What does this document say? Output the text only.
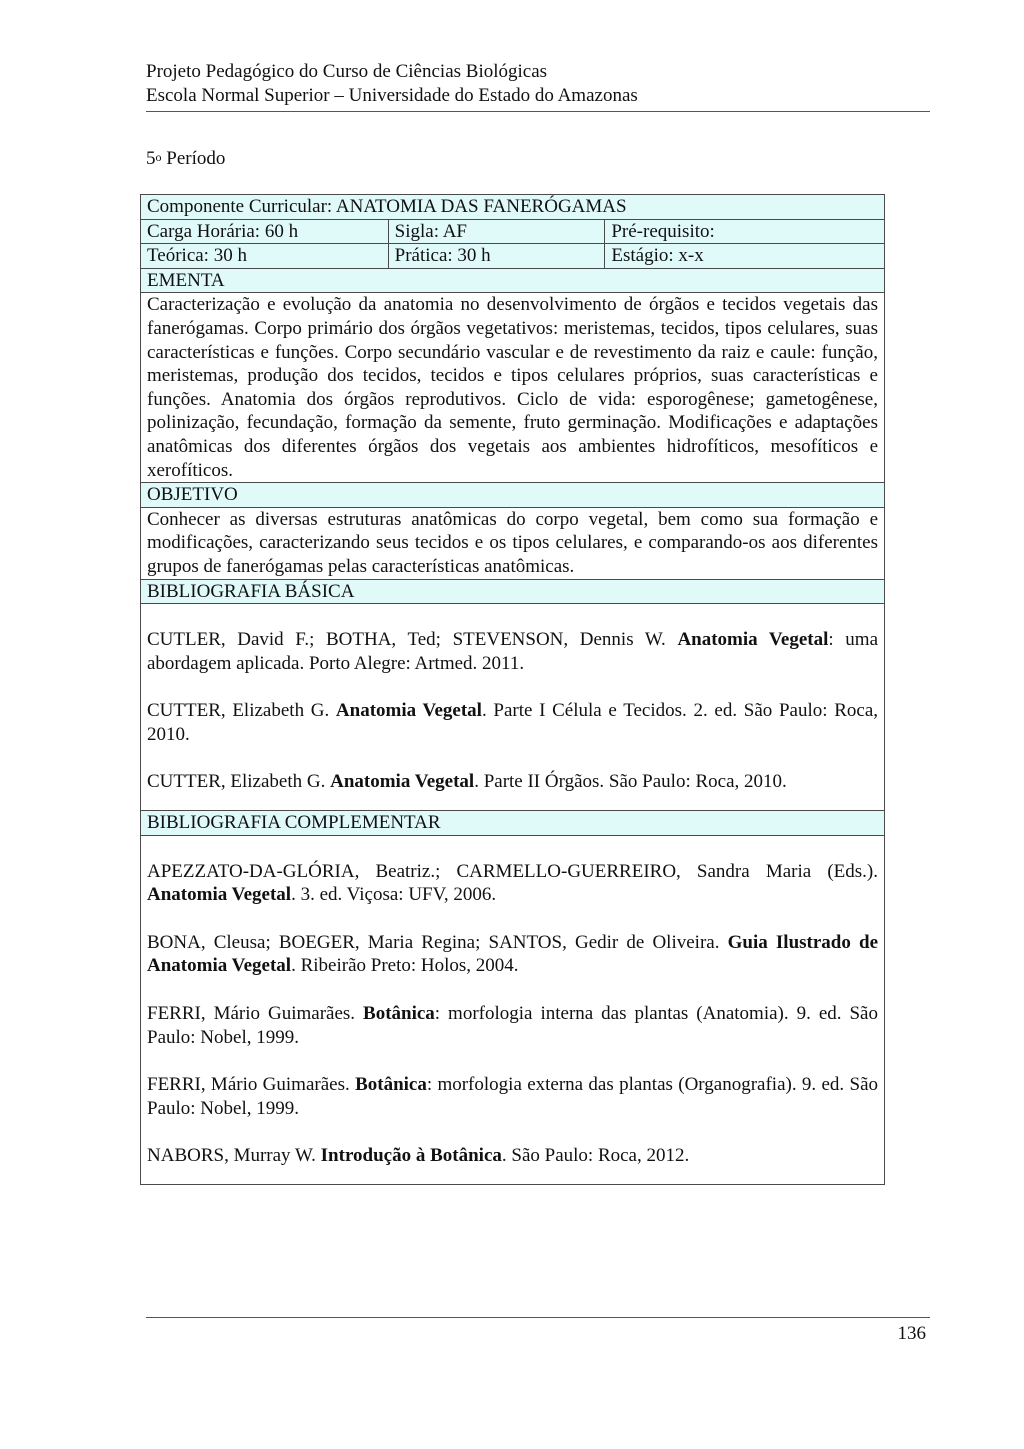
Projeto Pedagógico do Curso de Ciências Biológicas
Escola Normal Superior – Universidade do Estado do Amazonas
5$^o$ Período
Componente Curricular: ANATOMIA DAS FANERÓGAMAS		
Carga Horária: 60 h	Sigla: AF	Pré-requisito:
Teórica: 30 h	Prática: 30 h	Estágio: x-x
EMENTA		
Caracterização e evolução da anatomia no desenvolvimento de órgãos e tecidos vegetais das fanerógamas. Corpo primário dos órgãos vegetativos: meristemas, tecidos, tipos celulares, suas características e funções. Corpo secundário vascular e de revestimento da raiz e caule: função, meristemas, produção dos tecidos, tecidos e tipos celulares próprios, suas características e funções. Anatomia dos órgãos reprodutivos. Ciclo de vida: esporogênese; gametogênese, polinização, fecundação, formação da semente, fruto germinação. Modificações e adaptações anatômicas dos diferentes órgãos dos vegetais aos ambientes hidrofíticos, mesofíticos e xerofíticos.		
OBJETIVO		
Conhecer as diversas estruturas anatômicas do corpo vegetal, bem como sua formação e modificações, caracterizando seus tecidos e os tipos celulares, e comparando-os aos diferentes grupos de fanerógamas pelas características anatômicas.		
BIBLIOGRAFIA BÁSICA		

CUTLER, David F.; BOTHA, Ted; STEVENSON, Dennis W. Anatomia Vegetal: uma abordagem aplicada. Porto Alegre: Artmed. 2011.

CUTTER, Elizabeth G. Anatomia Vegetal. Parte I Célula e Tecidos. 2. ed. São Paulo: Roca, 2010.

CUTTER, Elizabeth G. Anatomia Vegetal. Parte II Órgãos. São Paulo: Roca, 2010.		

BIBLIOGRAFIA COMPLEMENTAR		

APEZZATO-DA-GLÓRIA, Beatriz.; CARMELLO-GUERREIRO, Sandra Maria (Eds.). Anatomia Vegetal. 3. ed. Viçosa: UFV, 2006.

BONA, Cleusa; BOEGER, Maria Regina; SANTOS, Gedir de Oliveira. Guia Ilustrado de Anatomia Vegetal. Ribeirão Preto: Holos, 2004.

FERRI, Mário Guimarães. Botânica: morfologia interna das plantas (Anatomia). 9. ed. São Paulo: Nobel, 1999.

FERRI, Mário Guimarães. Botânica: morfologia externa das plantas (Organografia). 9. ed. São Paulo: Nobel, 1999.

NABORS, Murray W. Introdução à Botânica. São Paulo: Roca, 2012.		

136
